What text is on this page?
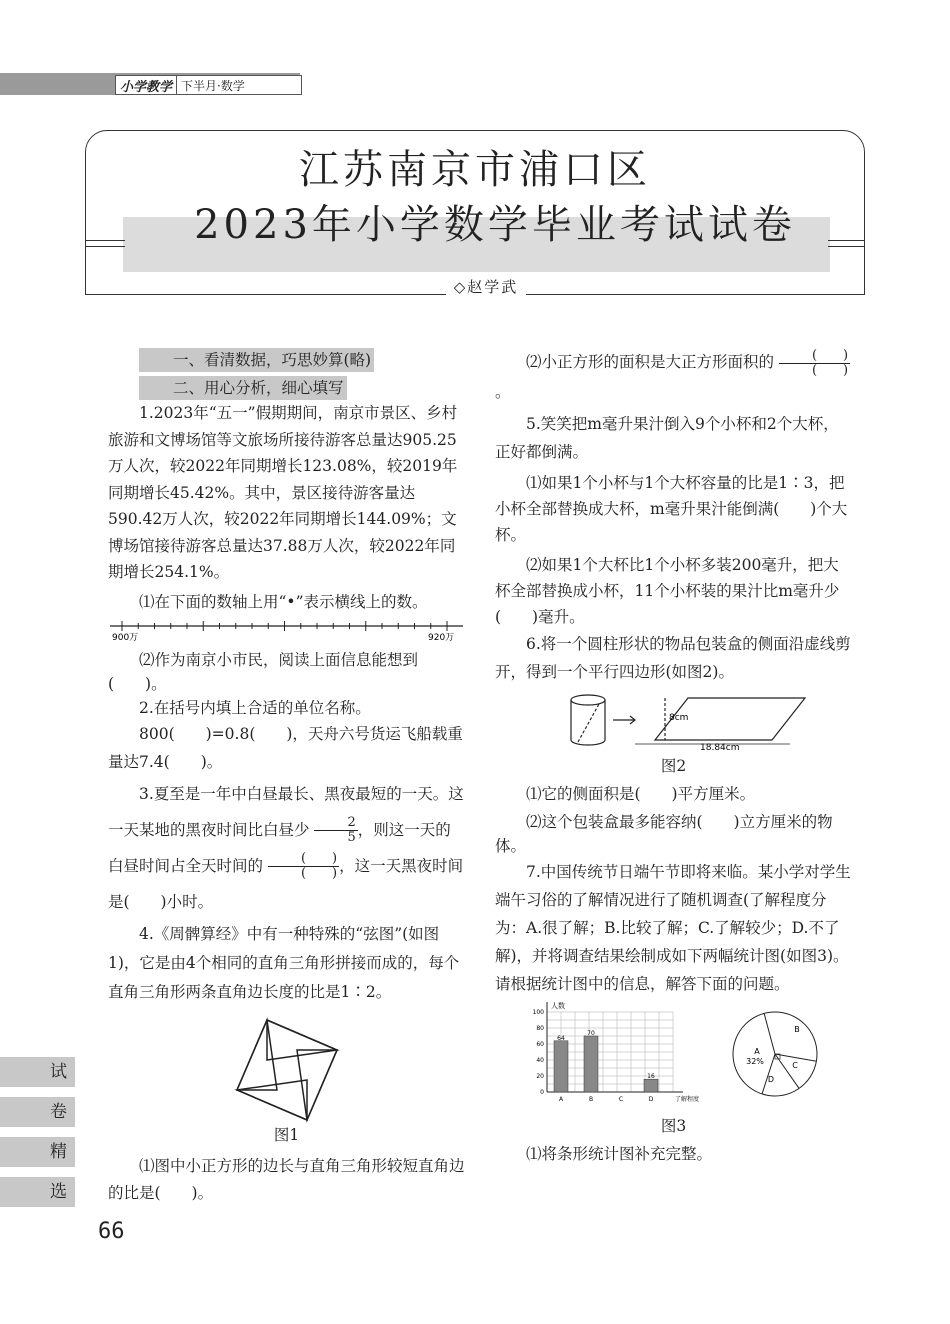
小学教学 下半月·数学
江苏南京市浦口区
2023年小学数学毕业考试试卷
◇赵学武

一、看清数据，巧思妙算(略)

二、用心分析，细心填写

1.2023年“五一”假期期间，南京市景区、乡村旅游和文博场馆等文旅场所接待游客总量达905.25万人次，较2022年同期增长123.08%，较2019年同期增长45.42%。其中，景区接待游客量达590.42万人次，较2022年同期增长144.09%；文博场馆接待游客总量达37.88万人次，较2022年同期增长254.1%。

⑴在下面的数轴上用“•”表示横线上的数。

900万	920万

⑵作为南京小市民，阅读上面信息能想到(　　)。

2.在括号内填上合适的单位名称。

800(　　)=0.8(　　)，天舟六号货运飞船载重量达7.4(　　)。

3.夏至是一年中白昼最长、黑夜最短的一天。这一天某地的黑夜时间比白昼少 $\frac{2}{5}$ ，则这一天的白昼时间占全天时间的 $\frac{( )}{( )}$ ，这一天黑夜时间是(　　)小时。

4.《周髀算经》中有一种特殊的“弦图”(如图1)，它是由4个相同的直角三角形拼接而成的，每个直角三角形两条直角边长度的比是1∶2。

图1

⑴图中小正方形的边长与直角三角形较短直角边的比是(　　)。

⑵小正方形的面积是大正方形面积的 $\frac{( )}{( )}$
。

5.笑笑把m毫升果汁倒入9个小杯和2个大杯，正好都倒满。

⑴如果1个小杯与1个大杯容量的比是1∶3，把小杯全部替换成大杯，m毫升果汁能倒满(　　)个大杯。

⑵如果1个大杯比1个小杯多装200毫升，把大杯全部替换成小杯，11个小杯装的果汁比m毫升少(　　)毫升。

6.将一个圆柱形状的物品包装盒的侧面沿虚线剪开，得到一个平行四边形(如图2)。

8cm
18.84cm

图2

⑴它的侧面积是(　　)平方厘米。

⑵这个包装盒最多能容纳(　　)立方厘米的物体。

7.中国传统节日端午节即将来临。某小学对学生端午习俗的了解情况进行了随机调查(了解程度分为：A.很了解；B.比较了解；C.了解较少；D.不了解)，并将调查结果绘制成如下两幅统计图(如图3)。请根据统计图中的信息，解答下面的问题。

人数
了解程度
0
20
40
60
80
100
A
64
B
70
C	D
16
A
B
C
D
32%

图3

⑴将条形统计图补充完整。

试
卷
精
选
66
